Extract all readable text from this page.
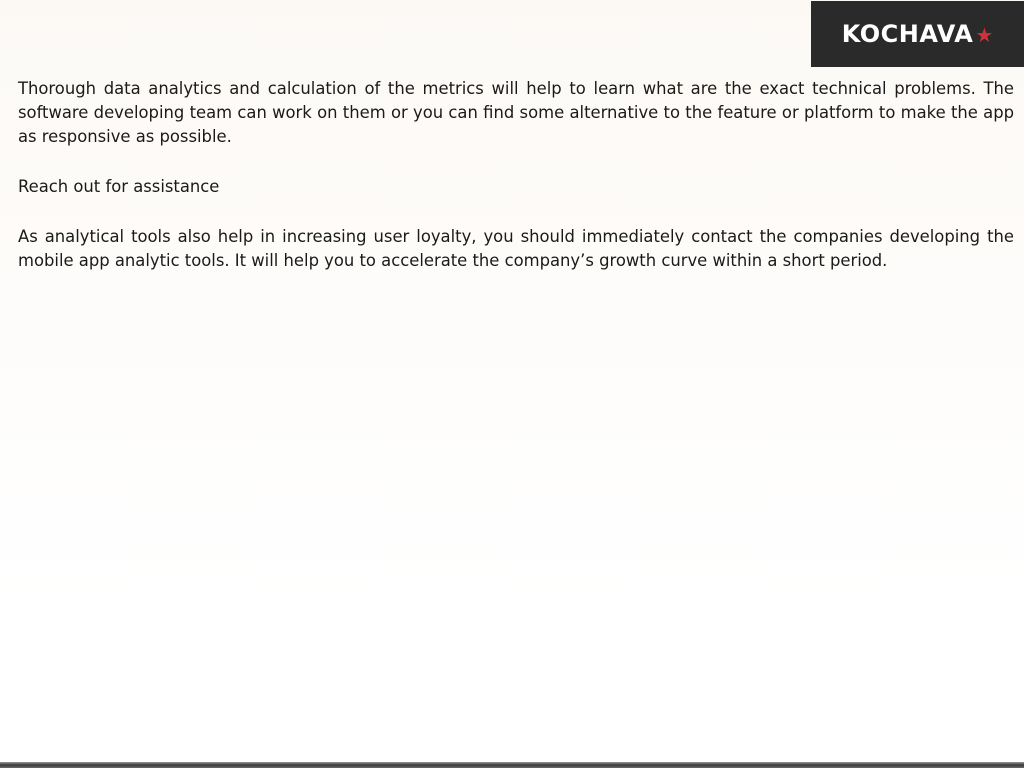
KOCHAVA ★

Thorough data analytics and calculation of the metrics will help to learn what are the exact technical problems. The software developing team can work on them or you can find some alternative to the feature or platform to make the app as responsive as possible.

Reach out for assistance

As analytical tools also help in increasing user loyalty, you should immediately contact the companies developing the mobile app analytic tools. It will help you to accelerate the company’s growth curve within a short period.
